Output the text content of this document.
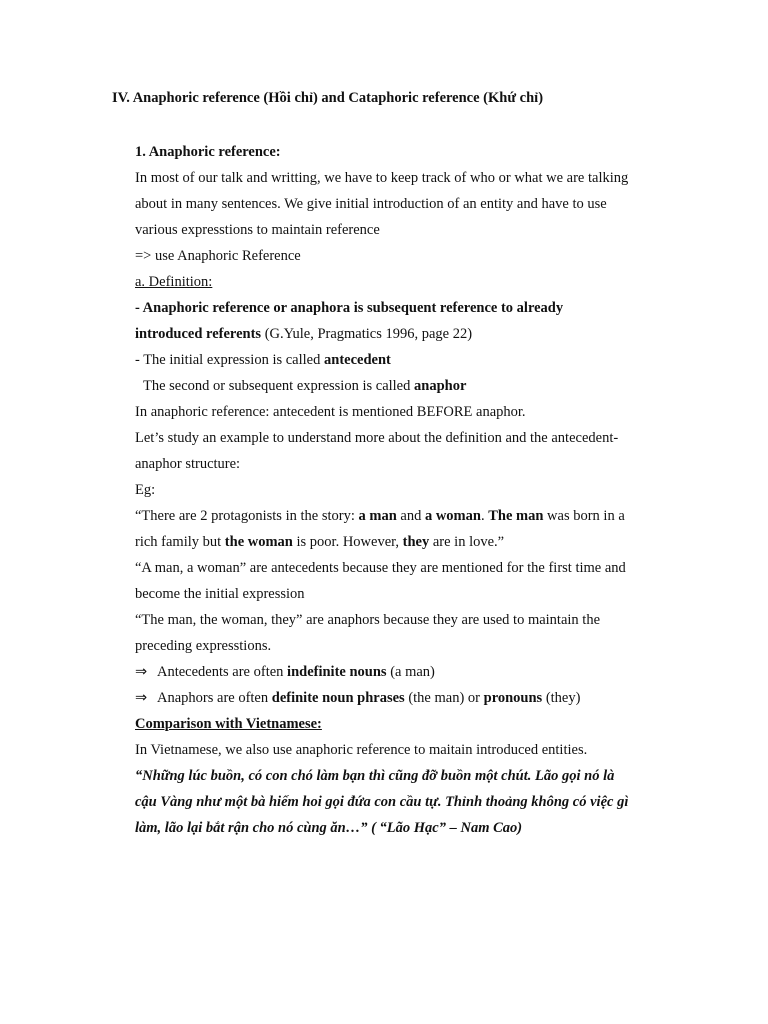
IV. Anaphoric reference (Hồi chỉ) and Cataphoric reference (Khứ chỉ)
1. Anaphoric reference:
In most of our talk and writting, we have to keep track of who or what we are talking
about in many sentences. We give initial introduction of an entity and have to use
various expresstions to maintain reference
=> use Anaphoric Reference
a. Definition:
- Anaphoric reference or anaphora is subsequent reference to already
introduced referents (G.Yule, Pragmatics 1996, page 22)
- The initial expression is called antecedent
The second or subsequent expression is called anaphor
In anaphoric reference: antecedent is mentioned BEFORE anaphor.
Let’s study an example to understand more about the definition and the antecedent-
anaphor structure:
Eg:
“There are 2 protagonists in the story: a man and a woman. The man was born in a
rich family but the woman is poor. However, they are in love.”
“A man, a woman” are antecedents because they are mentioned for the first time and
become the initial expression
“The man, the woman, they” are anaphors because they are used to maintain the
preceding expresstions.
⇒ Antecedents are often indefinite nouns (a man)
⇒ Anaphors are often definite noun phrases (the man) or pronouns (they)
Comparison with Vietnamese:
In Vietnamese, we also use anaphoric reference to maitain introduced entities.
“Những lúc buồn, có con chó làm bạn thì cũng đỡ buồn một chút. Lão gọi nó là
cậu Vàng như một bà hiếm hoi gọi đứa con cầu tự. Thỉnh thoảng không có việc gì
làm, lão lại bắt rận cho nó cùng ăn…” ( “Lão Hạc” – Nam Cao)
